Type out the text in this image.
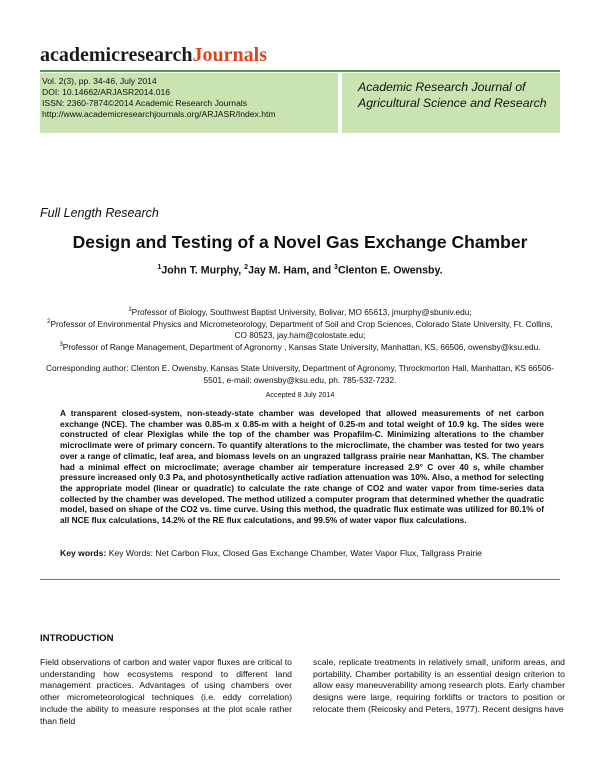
academicresearchJournals
Vol. 2(3), pp. 34-46, July 2014
DOI: 10.14662/ARJASR2014.016
ISSN: 2360-7874©2014 Academic Research Journals
http://www.academicresearchjournals.org/ARJASR/Index.htm
Academic Research Journal of Agricultural Science and Research
Full Length Research
Design and Testing of a Novel Gas Exchange Chamber
$^1$John T. Murphy, $^2$Jay M. Ham, and $^3$Clenton E. Owensby.
$^1$Professor of Biology, Southwest Baptist University, Bolivar, MO 65613, jmurphy@sbuniv.edu;
$^2$Professor of Environmental Physics and Micrometeorology, Department of Soil and Crop Sciences, Colorado State University, Ft. Collins, CO 80523, jay.ham@colostate.edu;
$^3$Professor of Range Management, Department of Agronomy , Kansas State University, Manhattan, KS, 66506, owensby@ksu.edu.
Corresponding author: Clenton E. Owensby, Kansas State University, Department of Agronomy, Throckmorton Hall, Manhattan, KS 66506-5501, e-mail: owensby@ksu.edu, ph. 785-532-7232.
Accepted 8 July 2014
A transparent closed-system, non-steady-state chamber was developed that allowed measurements of net carbon exchange (NCE). The chamber was 0.85-m x 0.85-m with a height of 0.25-m and total weight of 10.9 kg. The sides were constructed of clear Plexiglas while the top of the chamber was Propafilm-C. Minimizing alterations to the chamber microclimate were of primary concern. To quantify alterations to the microclimate, the chamber was tested for two years over a range of climatic, leaf area, and biomass levels on an ungrazed tallgrass prairie near Manhattan, KS. The chamber had a minimal effect on microclimate; average chamber air temperature increased 2.9° C over 40 s, while chamber pressure increased only 0.3 Pa, and photosynthetically active radiation attenuation was 10%. Also, a method for selecting the appropriate model (linear or quadratic) to calculate the rate change of CO2 and water vapor from time-series data collected by the chamber was developed. The method utilized a computer program that determined whether the quadratic model, based on shape of the CO2 vs. time curve. Using this method, the quadratic flux estimate was utilized for 80.1% of all NCE flux calculations, 14.2% of the RE flux calculations, and 99.5% of water vapor flux calculations.
Key words: Key Words: Net Carbon Flux, Closed Gas Exchange Chamber, Water Vapor Flux, Tallgrass Prairie
INTRODUCTION
Field observations of carbon and water vapor fluxes are critical to understanding how ecosystems respond to different land management practices. Advantages of using chambers over other micrometeorological techniques (i.e. eddy correlation) include the ability to measure responses at the plot scale rather than field
scale, replicate treatments in relatively small, uniform areas, and portability. Chamber portability is an essential design criterion to allow easy maneuverability among research plots. Early chamber designs were large, requiring forklifts or tractors to position or relocate them (Reicosky and Peters, 1977). Recent designs have
